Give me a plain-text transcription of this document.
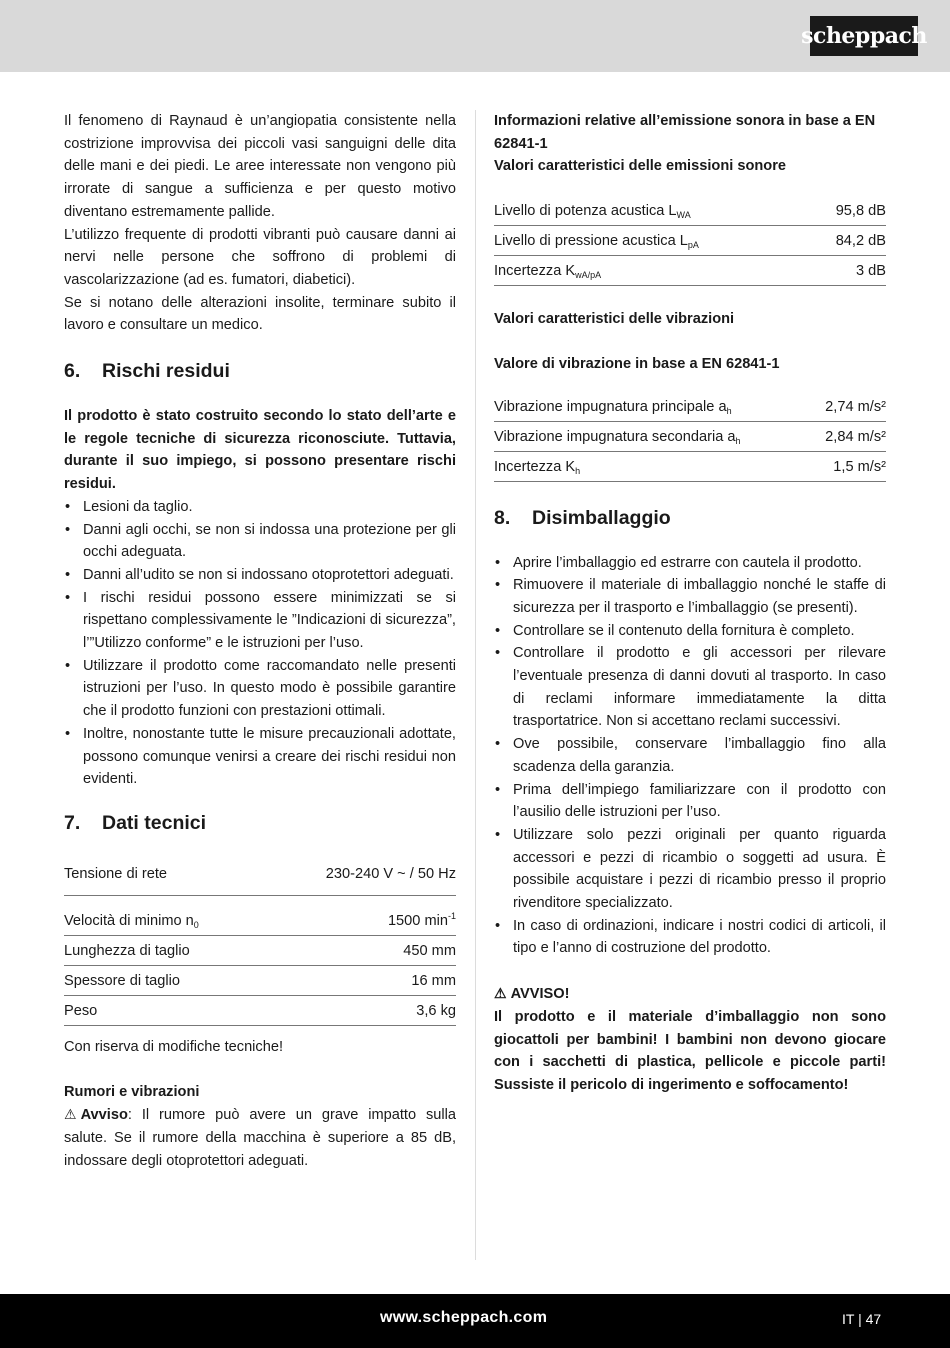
scheppach

Il fenomeno di Raynaud è un’angiopatia consistente nella costrizione improvvisa dei piccoli vasi sanguigni delle dita delle mani e dei piedi. Le aree interessate non vengono più irrorate di sangue a sufficienza e per questo motivo diventano estremamente pallide.

L’utilizzo frequente di prodotti vibranti può causare danni ai nervi nelle persone che soffrono di problemi di vascolarizzazione (ad es. fumatori, diabetici).

Se si notano delle alterazioni insolite, terminare subito il lavoro e consultare un medico.

6.	Rischi residui

Il prodotto è stato costruito secondo lo stato dell’arte e le regole tecniche di sicurezza riconosciute. Tuttavia, durante il suo impiego, si possono presentare rischi residui.

• Lesioni da taglio.
• Danni agli occhi, se non si indossa una protezione per gli occhi adeguata.
• Danni all’udito se non si indossano otoprotettori adeguati.
• I rischi residui possono essere minimizzati se si rispettano complessivamente le ”Indicazioni di sicurezza”, l’”Utilizzo conforme” e le istruzioni per l’uso.
• Utilizzare il prodotto come raccomandato nelle presenti istruzioni per l’uso. In questo modo è possibile garantire che il prodotto funzioni con prestazioni ottimali.
• Inoltre, nonostante tutte le misure precauzionali adottate, possono comunque venirsi a creare dei rischi residui non evidenti.
7.	Dati tecnici
Tensione di rete	230-240 V ~ / 50 Hz
Velocità di minimo $n_0$	1500 $\min^{-1}$
Lunghezza di taglio	450 mm
Spessore di taglio	16 mm
Peso	3,6 kg

Con riserva di modifiche tecniche!

Rumori e vibrazioni

⚠ Avviso: Il rumore può avere un grave impatto sulla salute. Se il rumore della macchina è superiore a 85 dB, indossare degli otoprotettori adeguati.

Informazioni relative all’emissione sonora in base a EN 62841-1

Valori caratteristici delle emissioni sonore

Livello di potenza acustica $L_{WA}$	95,8 dB
Livello di pressione acustica $L_{pA}$	84,2 dB
Incertezza $K_{wA/pA}$	3 dB

Valori caratteristici delle vibrazioni

Valore di vibrazione in base a EN 62841-1

Vibrazione impugnatura principale $a_h$	2,74 m/s²
Vibrazione impugnatura secondaria $a_h$	2,84 m/s²
Incertezza $K_h$	1,5 m/s²
8.	Disimballaggio
• Aprire l’imballaggio ed estrarre con cautela il prodotto.
• Rimuovere il materiale di imballaggio nonché le staffe di sicurezza per il trasporto e l’imballaggio (se presenti).
• Controllare se il contenuto della fornitura è completo.
• Controllare il prodotto e gli accessori per rilevare l’eventuale presenza di danni dovuti al trasporto. In caso di reclami informare immediatamente la ditta trasportatrice. Non si accettano reclami successivi.
• Ove possibile, conservare l’imballaggio fino alla scadenza della garanzia.
• Prima dell’impiego familiarizzare con il prodotto con l’ausilio delle istruzioni per l’uso.
• Utilizzare solo pezzi originali per quanto riguarda accessori e pezzi di ricambio o soggetti ad usura. È possibile acquistare i pezzi di ricambio presso il proprio rivenditore specializzato.
• In caso di ordinazioni, indicare i nostri codici di articoli, il tipo e l’anno di costruzione del prodotto.

⚠ AVVISO!

Il prodotto e il materiale d’imballaggio non sono giocattoli per bambini! I bambini non devono giocare con i sacchetti di plastica, pellicole e piccole parti! Sussiste il pericolo di ingerimento e soffocamento!

www.scheppach.com	IT | 47
